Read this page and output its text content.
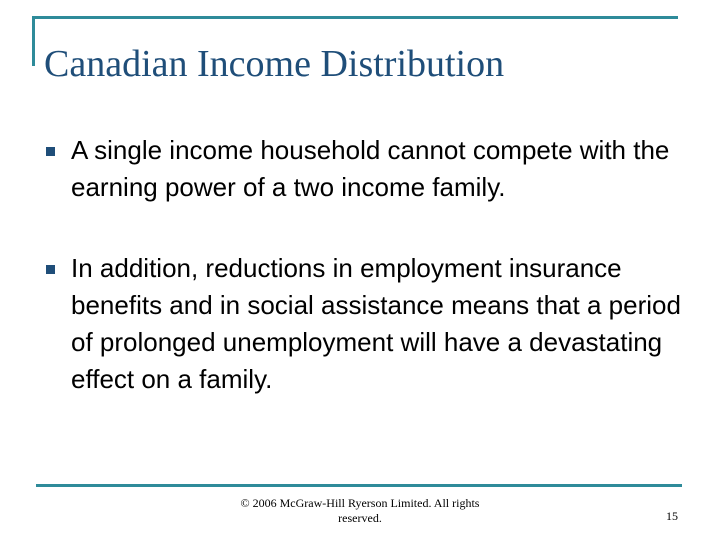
Canadian Income Distribution
A single income household cannot compete with the earning power of a two income family.
In addition, reductions in employment insurance benefits and in social assistance means that a period of prolonged unemployment will have a devastating effect on a family.
© 2006 McGraw-Hill Ryerson Limited. All rights reserved.	15
